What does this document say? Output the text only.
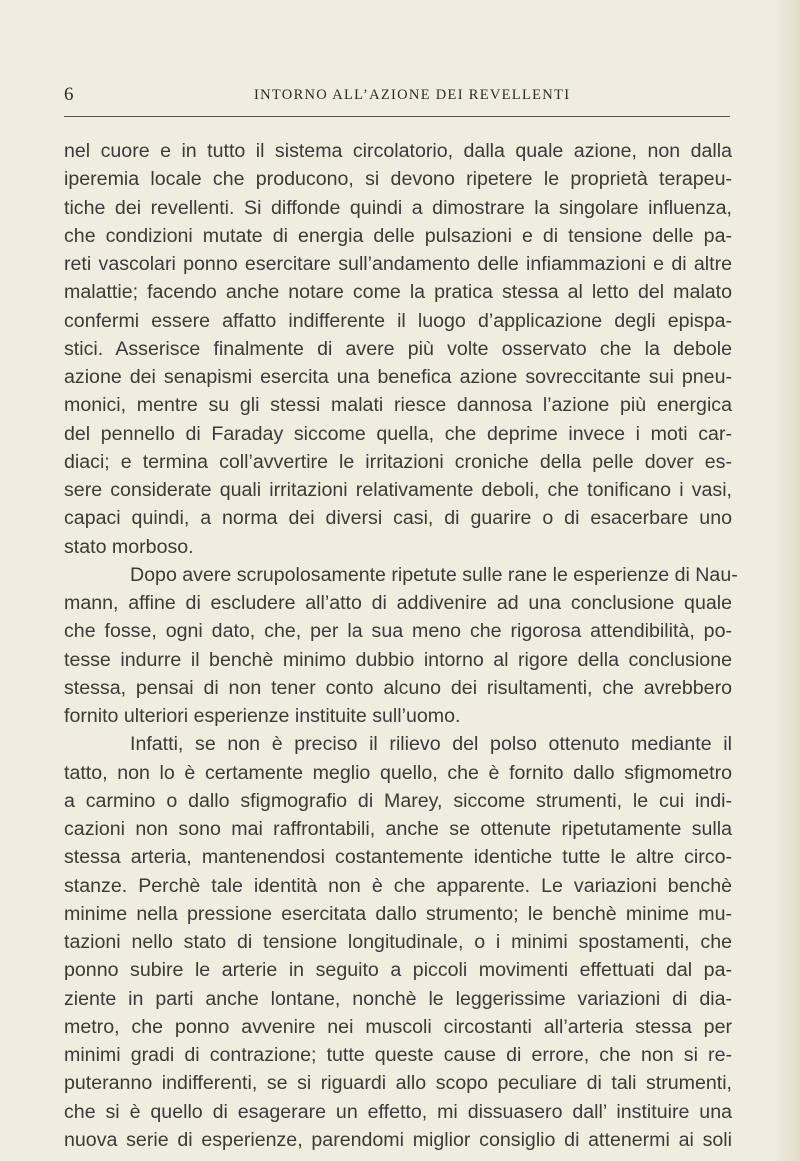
6	INTORNO ALL’AZIONE DEI REVELLENTI
nel cuore e in tutto il sistema circolatorio, dalla quale azione, non dalla
iperemia locale che producono, si devono ripetere le proprietà terapeu-
tiche dei revellenti. Si diffonde quindi a dimostrare la singolare influenza,
che condizioni mutate di energia delle pulsazioni e di tensione delle pa-
reti vascolari ponno esercitare sull’andamento delle infiammazioni e di altre
malattie; facendo anche notare come la pratica stessa al letto del malato
confermi essere affatto indifferente il luogo d’applicazione degli epispa-
stici. Asserisce finalmente di avere più volte osservato che la debole
azione dei senapismi esercita una benefica azione sovreccitante sui pneu-
monici, mentre su gli stessi malati riesce dannosa l’azione più energica
del pennello di Faraday siccome quella, che deprime invece i moti car-
diaci; e termina coll’avvertire le irritazioni croniche della pelle dover es-
sere considerate quali irritazioni relativamente deboli, che tonificano i vasi,
capaci quindi, a norma dei diversi casi, di guarire o di esacerbare uno
stato morboso.
Dopo avere scrupolosamente ripetute sulle rane le esperienze di Nau-
mann, affine di escludere all’atto di addivenire ad una conclusione quale
che fosse, ogni dato, che, per la sua meno che rigorosa attendibilità, po-
tesse indurre il benchè minimo dubbio intorno al rigore della conclusione
stessa, pensai di non tener conto alcuno dei risultamenti, che avrebbero
fornito ulteriori esperienze instituite sull’uomo.
Infatti, se non è preciso il rilievo del polso ottenuto mediante il
tatto, non lo è certamente meglio quello, che è fornito dallo sfigmometro
a carmino o dallo sfigmografio di Marey, siccome strumenti, le cui indi-
cazioni non sono mai raffrontabili, anche se ottenute ripetutamente sulla
stessa arteria, mantenendosi costantemente identiche tutte le altre circo-
stanze. Perchè tale identità non è che apparente. Le variazioni benchè
minime nella pressione esercitata dallo strumento; le benchè minime mu-
tazioni nello stato di tensione longitudinale, o i minimi spostamenti, che
ponno subire le arterie in seguito a piccoli movimenti effettuati dal pa-
ziente in parti anche lontane, nonchè le leggerissime variazioni di dia-
metro, che ponno avvenire nei muscoli circostanti all’arteria stessa per
minimi gradi di contrazione; tutte queste cause di errore, che non si re-
puteranno indifferenti, se si riguardi allo scopo peculiare di tali strumenti,
che si è quello di esagerare un effetto, mi dissuasero dall’ instituire una
nuova serie di esperienze, parendomi miglior consiglio di attenermi ai soli
